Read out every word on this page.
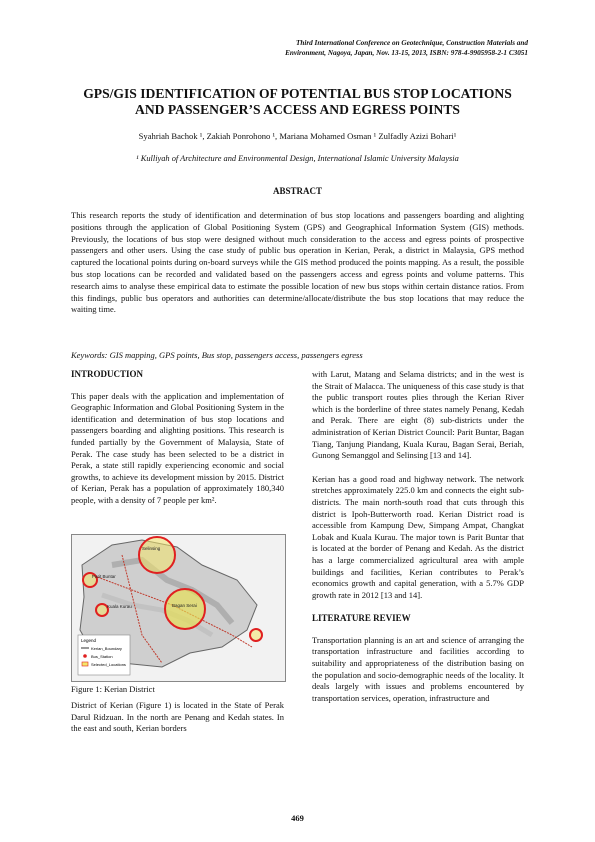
Third International Conference on Geotechnique, Construction Materials and
Environment, Nagoya, Japan, Nov. 13-15, 2013, ISBN: 978-4-9905958-2-1 C3051
GPS/GIS IDENTIFICATION OF POTENTIAL BUS STOP LOCATIONS
AND PASSENGER’S ACCESS AND EGRESS POINTS
Syahriah Bachok ¹, Zakiah Ponrohono ¹, Mariana Mohamed Osman ¹ Zulfadly Azizi Bohari¹
¹ Kulliyah of Architecture and Environmental Design, International Islamic University Malaysia
ABSTRACT

This research reports the study of identification and determination of bus stop locations and passengers boarding and alighting positions through the application of Global Positioning System (GPS) and Geographical Information System (GIS) methods. Previously, the locations of bus stop were designed without much consideration to the access and egress points of prospective passengers and other users. Using the case study of public bus operation in Kerian, Perak, a district in Malaysia, GPS method captured the locational points during on-board surveys while the GIS method produced the points mapping. As a result, the possible bus stop locations can be recorded and validated based on the passengers access and egress points and volume patterns. This research aims to analyse these empirical data to estimate the possible location of new bus stops within certain distance ratios. From this findings, public bus operators and authorities can determine/allocate/distribute the bus stop locations that may reduce the waiting time.

Keywords: GIS mapping, GPS points, Bus stop, passengers access, passengers egress

INTRODUCTION

This paper deals with the application and implementation of Geographic Information and Global Positioning System in the identification and determination of bus stop locations and passengers boarding and alighting positions. This research is funded partially by the Government of Malaysia, State of Perak. The case study has been selected to be a district in Perak, a state still rapidly experiencing economic and social growths, to achieve its development mission by 2015. District of Kerian, Perak has a population of approximately 180,340 people, with a density of 7 people per km².

Parit Buntar
Kuala Kurau	Bagan Serai
Selinsing
Legend
Kerian_Boundary
Bus_Station
Selected_Locations
Figure 1: Kerian District

District of Kerian (Figure 1) is located in the State of Perak Darul Ridzuan. In the north are Penang and Kedah states. In the east and south, Kerian borders

with Larut, Matang and Selama districts; and in the west is the Strait of Malacca. The uniqueness of this case study is that the public transport routes plies through the Kerian River which is the borderline of three states namely Penang, Kedah and Perak. There are eight (8) sub-districts under the administration of Kerian District Council: Parit Buntar, Bagan Tiang, Tanjung Piandang, Kuala Kurau, Bagan Serai, Beriah, Gunong Semanggol and Selinsing [13 and 14].

Kerian has a good road and highway network. The network stretches approximately 225.0 km and connects the eight sub-districts. The main north-south road that cuts through this district is Ipoh-Butterworth road. Kerian District road is accessible from Kampung Dew, Simpang Ampat, Changkat Lobak and Kuala Kurau. The major town is Parit Buntar that is located at the border of Penang and Kedah. As the district has a large commercialized agricultural area with ample buildings and facilities, Kerian contributes to Perak’s economics growth and capital generation, with a 5.7% GDP growth rate in 2012 [13 and 14].

LITERATURE REVIEW

Transportation planning is an art and science of arranging the transportation infrastructure and facilities according to suitability and appropriateness of the distribution basing on the population and socio-demographic needs of the locality. It deals largely with issues and problems encountered by transportation services, operation, infrastructure and

469
